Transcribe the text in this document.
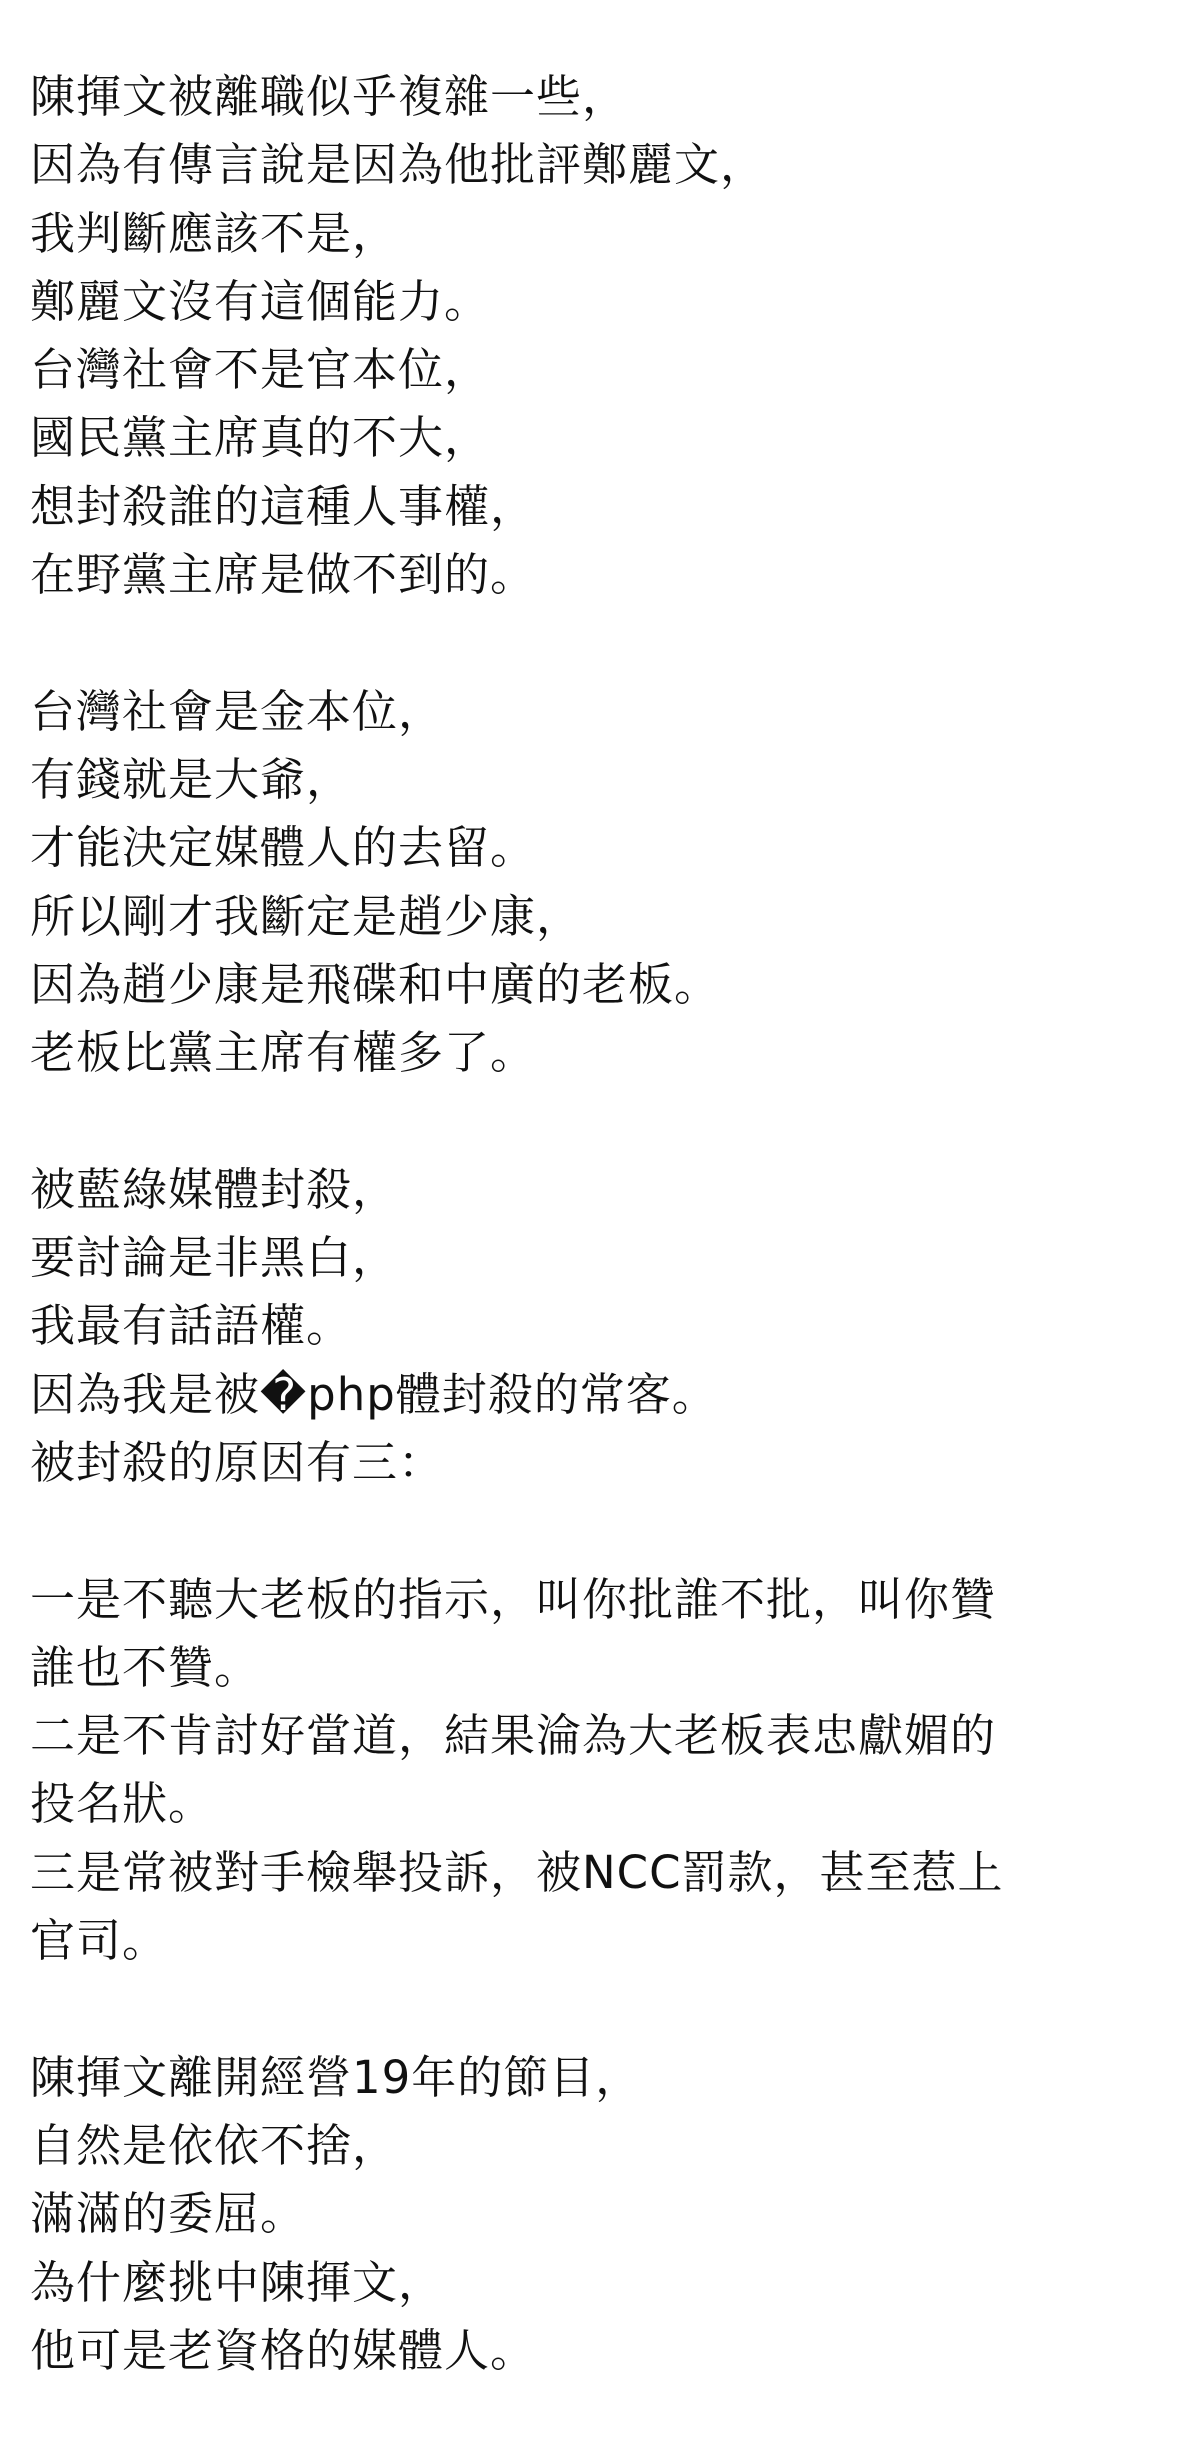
陳揮文被離職似乎複雜一些，
因為有傳言說是因為他批評鄭麗文，
我判斷應該不是，
鄭麗文沒有這個能力。
台灣社會不是官本位，
國民黨主席真的不大，
想封殺誰的這種人事權，
在野黨主席是做不到的。
台灣社會是金本位，
有錢就是大爺，
才能決定媒體人的去留。
所以剛才我斷定是趙少康，
因為趙少康是飛碟和中廣的老板。
老板比黨主席有權多了。
被藍綠媒體封殺，
要討論是非黑白，
我最有話語權。
因為我是被�php體封殺的常客。
被封殺的原因有三：
一是不聽大老板的指示，叫你批誰不批，叫你贊
誰也不贊。
二是不肯討好當道，結果淪為大老板表忠獻媚的
投名狀。
三是常被對手檢舉投訴，被NCC罰款，甚至惹上
官司。
陳揮文離開經營19年的節目，
自然是依依不捨，
滿滿的委屈。
為什麼挑中陳揮文，
他可是老資格的媒體人。
